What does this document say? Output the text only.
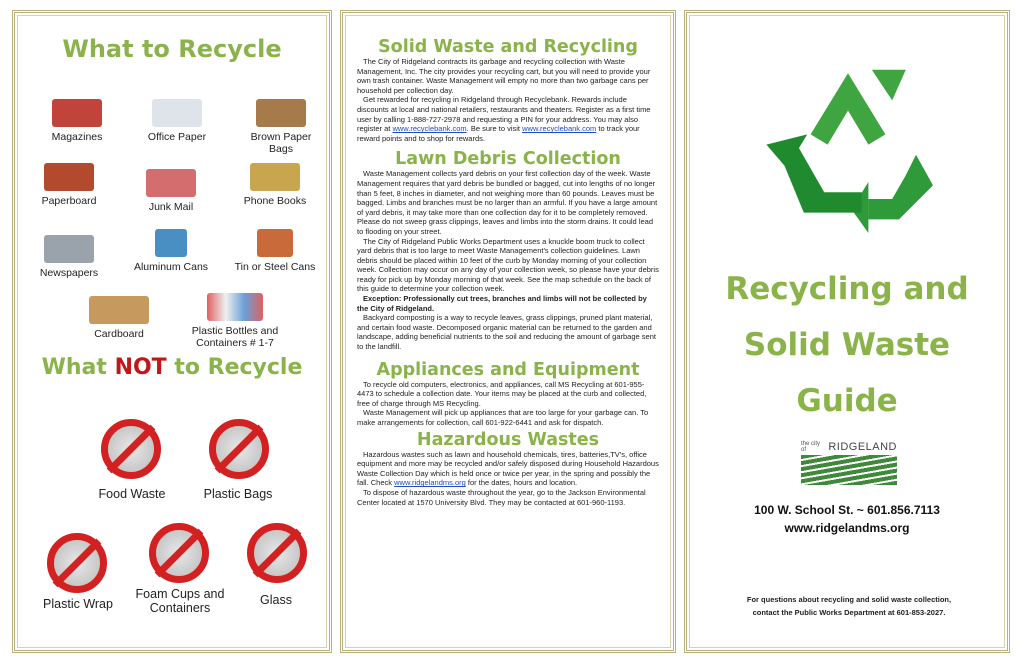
What to Recycle
Magazines	Office Paper	Brown Paper Bags
Paperboard	Junk Mail	Phone Books
Newspapers	Aluminum Cans	Tin or Steel Cans
Cardboard	Plastic Bottles and Containers # 1-7
What NOT to Recycle
Food Waste	Plastic Bags
Plastic Wrap
Foam Cups and Containers
Glass
Solid Waste and Recycling

The City of Ridgeland contracts its garbage and recycling collection with Waste Management, Inc. The city provides your recycling cart, but you will need to provide your own trash container. Waste Management will empty no more than two garbage cans per household per collection day.

Get rewarded for recycling in Ridgeland through Recyclebank. Rewards include discounts at local and national retailers, restaurants and theaters. Register as a first time user by calling 1-888-727-2978 and requesting a PIN for your address. You may also register at www.recyclebank.com. Be sure to visit www.recyclebank.com to track your reward points and to shop for rewards.

Lawn Debris Collection

Waste Management collects yard debris on your first collection day of the week. Waste Management requires that yard debris be bundled or bagged, cut into lengths of no longer than 5 feet, 8 inches in diameter, and not weighing more than 60 pounds. Leaves must be bagged. Limbs and branches must be no larger than an armful. If you have a large amount of yard debris, it may take more than one collection day for it to be completely removed. Please do not sweep grass clippings, leaves and limbs into the storm drains. It could lead to flooding on your street.

The City of Ridgeland Public Works Department uses a knuckle boom truck to collect yard debris that is too large to meet Waste Management's collection guidelines. Lawn debris should be placed within 10 feet of the curb by Monday morning of your collection week. Collection may occur on any day of your collection week, so please have your debris ready for pick up by Monday morning of that week. See the map schedule on the back of this guide to determine your collection week.

Exception: Professionally cut trees, branches and limbs will not be collected by the City of Ridgeland.

Backyard composting is a way to recycle leaves, grass clippings, pruned plant material, and certain food waste. Decomposed organic material can be returned to the garden and landscape, adding beneficial nutrients to the soil and reducing the amount of garbage sent to the landfill.

Appliances and Equipment

To recycle old computers, electronics, and appliances, call MS Recycling at 601-955-4473 to schedule a collection date. Your items may be placed at the curb and collected, free of charge through MS Recycling.

Waste Management will pick up appliances that are too large for your garbage can. To make arrangements for collection, call 601-922-6441 and ask for dispatch.

Hazardous Wastes

Hazardous wastes such as lawn and household chemicals, tires, batteries,TV's, office equipment and more may be recycled and/or safely disposed during Household Hazardous Waste Collection Day which is held once or twice per year, in the spring and possibly the fall. Check www.ridgelandms.org for the dates, hours and location.

To dispose of hazardous waste throughout the year, go to the Jackson Environmental Center located at 1570 University Blvd. They may be contacted at 601-960-1193.

Recycling and
Solid Waste
Guide
the city of	RIDGELAND
100 W. School St. ~ 601.856.7113
www.ridgelandms.org
For questions about recycling and solid waste collection, contact the Public Works Department at 601-853-2027.
